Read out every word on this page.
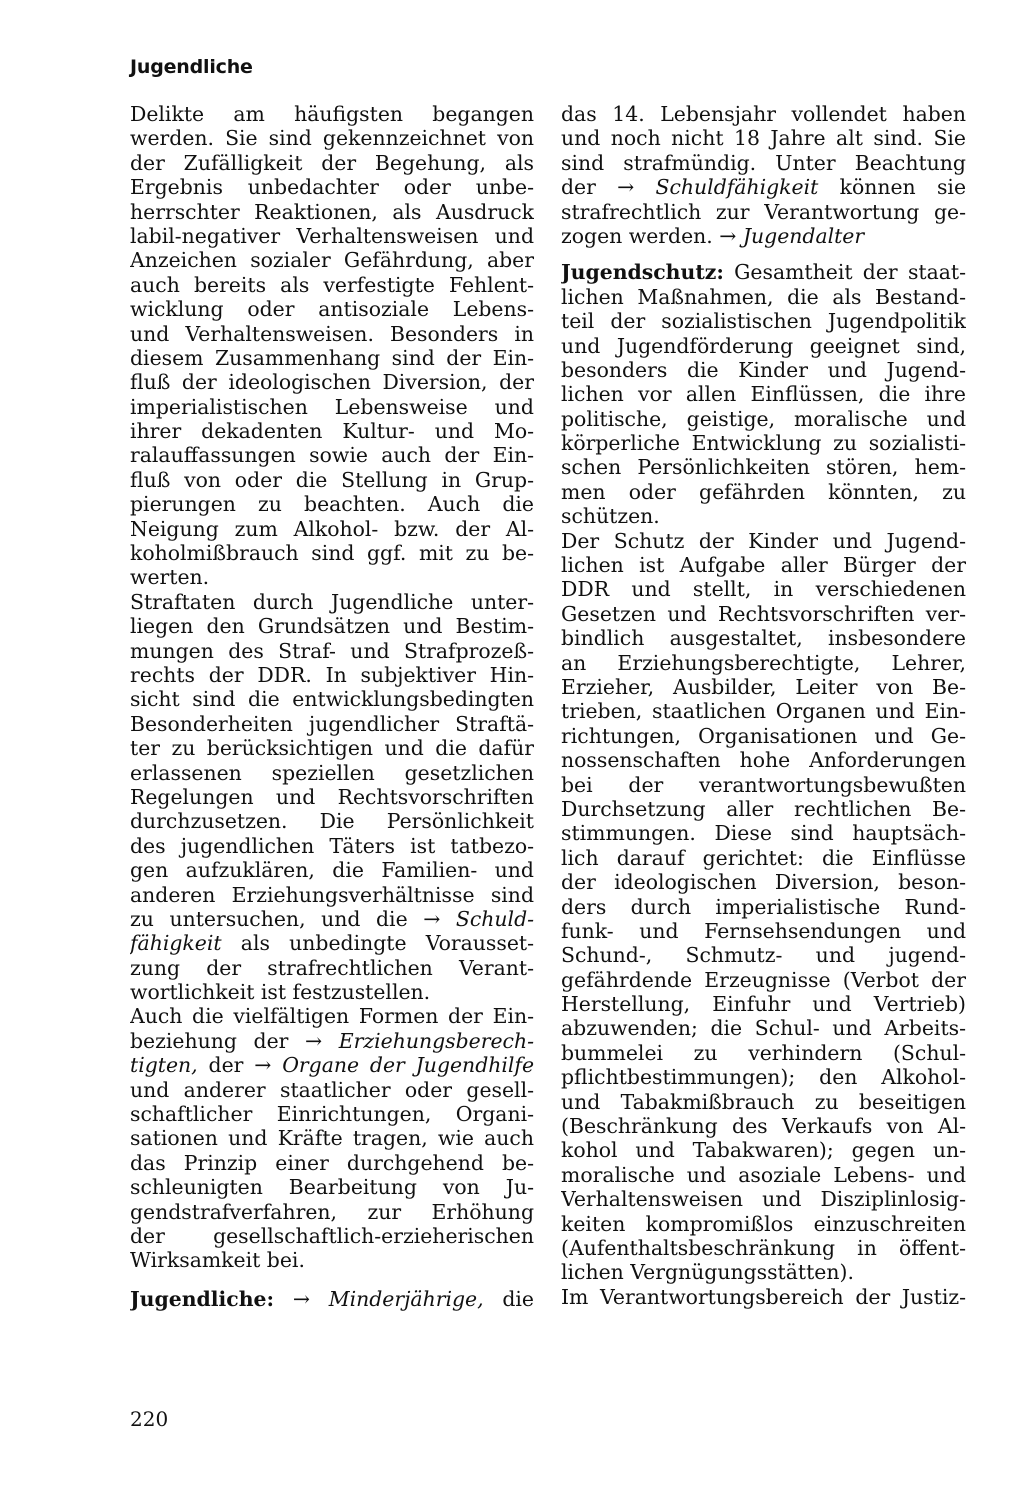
Jugendliche
Delikte am häufigsten begangen
werden. Sie sind gekennzeichnet von
der Zufälligkeit der Begehung, als
Ergebnis unbedachter oder unbe-
herrschter Reaktionen, als Ausdruck
labil-negativer Verhaltensweisen und
Anzeichen sozialer Gefährdung, aber
auch bereits als verfestigte Fehlent-
wicklung oder antisoziale Lebens-
und Verhaltensweisen. Besonders in
diesem Zusammenhang sind der Ein-
fluß der ideologischen Diversion, der
imperialistischen Lebensweise und
ihrer dekadenten Kultur- und Mo-
ralauffassungen sowie auch der Ein-
fluß von oder die Stellung in Grup-
pierungen zu beachten. Auch die
Neigung zum Alkohol- bzw. der Al-
koholmißbrauch sind ggf. mit zu be-
werten.
Straftaten durch Jugendliche unter-
liegen den Grundsätzen und Bestim-
mungen des Straf- und Strafprozeß-
rechts der DDR. In subjektiver Hin-
sicht sind die entwicklungsbedingten
Besonderheiten jugendlicher Straftä-
ter zu berücksichtigen und die dafür
erlassenen speziellen gesetzlichen
Regelungen und Rechtsvorschriften
durchzusetzen. Die Persönlichkeit
des jugendlichen Täters ist tatbezo-
gen aufzuklären, die Familien- und
anderen Erziehungsverhältnisse sind
zu untersuchen, und die → Schuld-
fähigkeit als unbedingte Vorausset-
zung der strafrechtlichen Verant-
wortlichkeit ist festzustellen.
Auch die vielfältigen Formen der Ein-
beziehung der → Erziehungsberech-
tigten, der → Organe der Jugendhilfe
und anderer staatlicher oder gesell-
schaftlicher Einrichtungen, Organi-
sationen und Kräfte tragen, wie auch
das Prinzip einer durchgehend be-
schleunigten Bearbeitung von Ju-
gendstrafverfahren, zur Erhöhung
der gesellschaftlich-erzieherischen
Wirksamkeit bei.
Jugendliche: → Minderjährige, die
das 14. Lebensjahr vollendet haben
und noch nicht 18 Jahre alt sind. Sie
sind strafmündig. Unter Beachtung
der → Schuldfähigkeit können sie
strafrechtlich zur Verantwortung ge-
zogen werden. → Jugendalter
Jugendschutz: Gesamtheit der staat-
lichen Maßnahmen, die als Bestand-
teil der sozialistischen Jugendpolitik
und Jugendförderung geeignet sind,
besonders die Kinder und Jugend-
lichen vor allen Einflüssen, die ihre
politische, geistige, moralische und
körperliche Entwicklung zu sozialisti-
schen Persönlichkeiten stören, hem-
men oder gefährden könnten, zu
schützen.
Der Schutz der Kinder und Jugend-
lichen ist Aufgabe aller Bürger der
DDR und stellt, in verschiedenen
Gesetzen und Rechtsvorschriften ver-
bindlich ausgestaltet, insbesondere
an Erziehungsberechtigte, Lehrer,
Erzieher, Ausbilder, Leiter von Be-
trieben, staatlichen Organen und Ein-
richtungen, Organisationen und Ge-
nossenschaften hohe Anforderungen
bei der verantwortungsbewußten
Durchsetzung aller rechtlichen Be-
stimmungen. Diese sind hauptsäch-
lich darauf gerichtet: die Einflüsse
der ideologischen Diversion, beson-
ders durch imperialistische Rund-
funk- und Fernsehsendungen und
Schund-, Schmutz- und jugend-
gefährdende Erzeugnisse (Verbot der
Herstellung, Einfuhr und Vertrieb)
abzuwenden; die Schul- und Arbeits-
bummelei zu verhindern (Schul-
pflichtbestimmungen); den Alkohol-
und Tabakmißbrauch zu beseitigen
(Beschränkung des Verkaufs von Al-
kohol und Tabakwaren); gegen un-
moralische und asoziale Lebens- und
Verhaltensweisen und Disziplinlosig-
keiten kompromißlos einzuschreiten
(Aufenthaltsbeschränkung in öffent-
lichen Vergnügungsstätten).
Im Verantwortungsbereich der Justiz-
220
